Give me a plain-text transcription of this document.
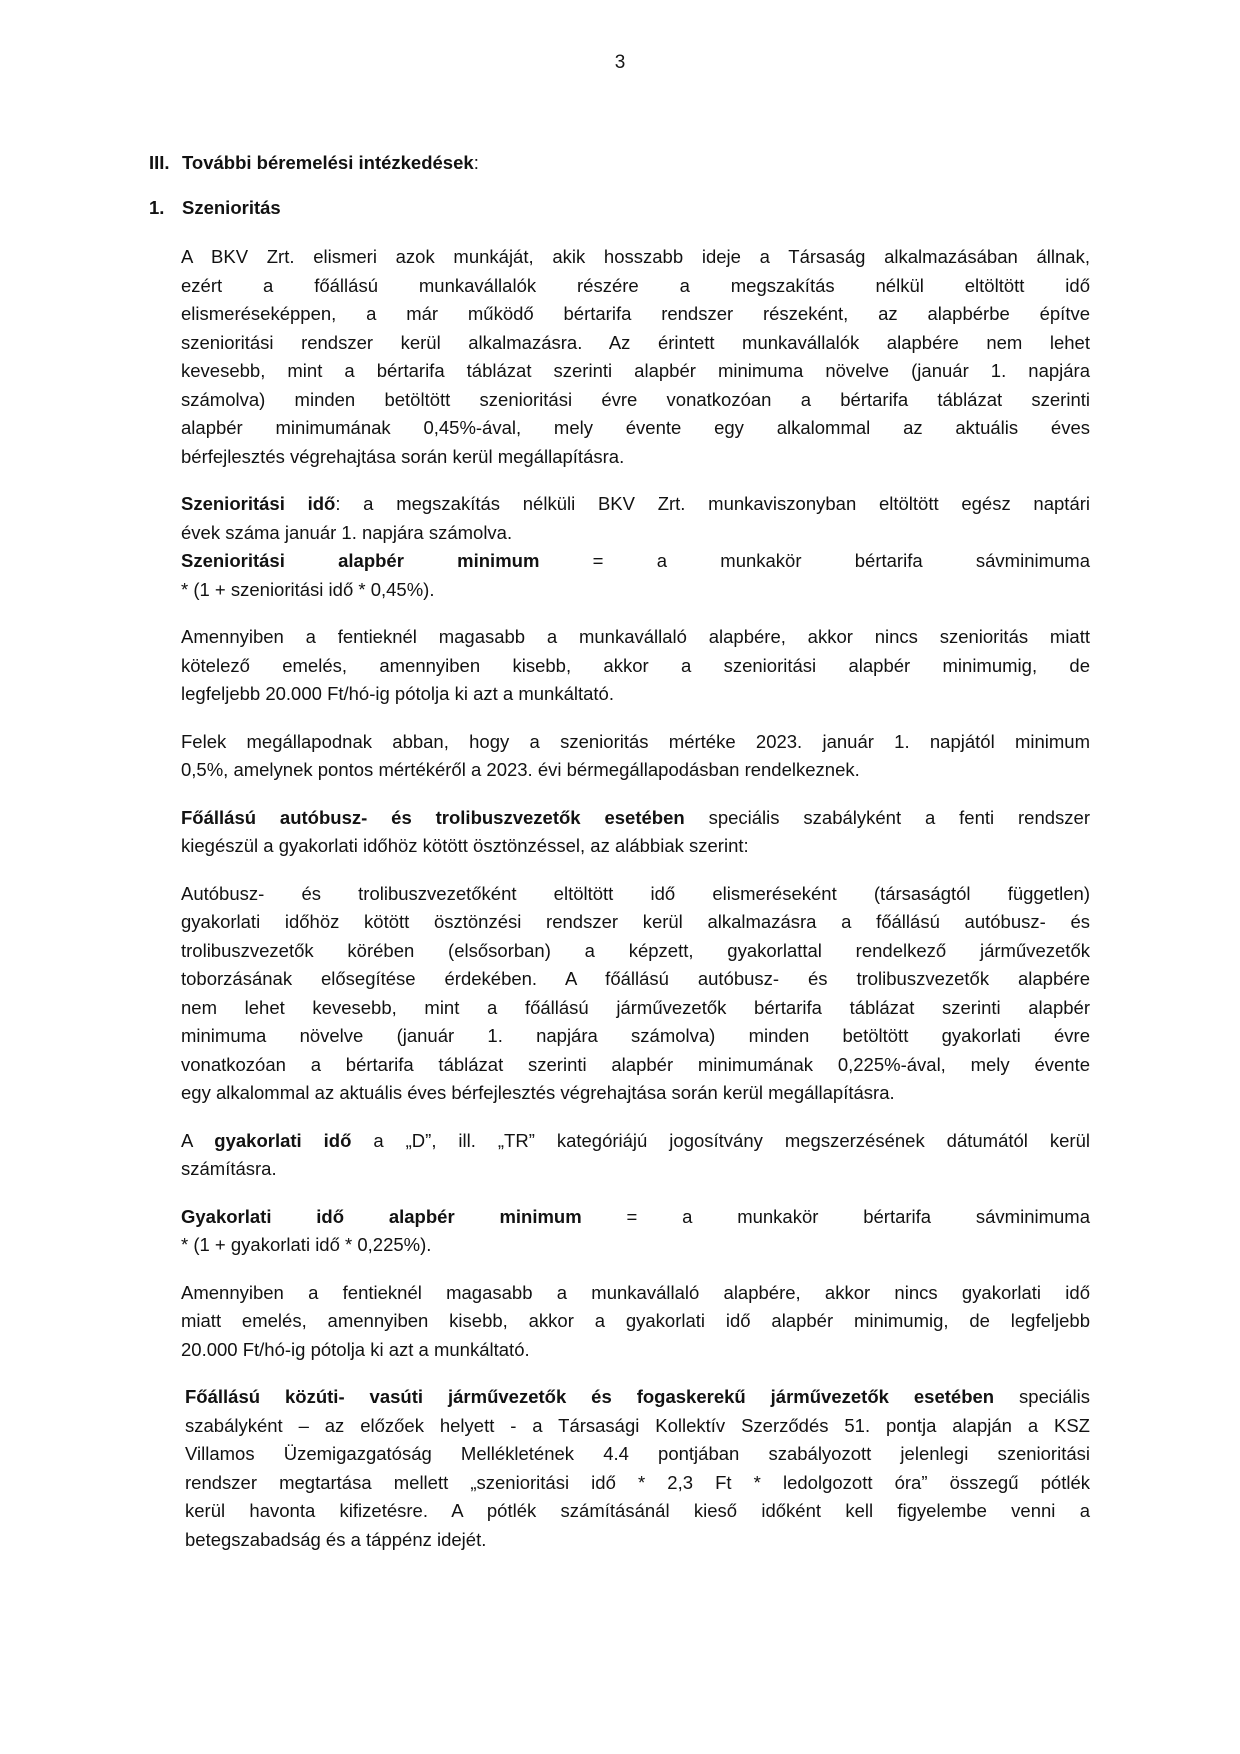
3
III. További béremelési intézkedések:
1. Szenioritás
A BKV Zrt. elismeri azok munkáját, akik hosszabb ideje a Társaság alkalmazásában állnak,
ezért a főállású munkavállalók részére a megszakítás nélkül eltöltött idő
elismeréseképpen, a már működő bértarifa rendszer részeként, az alapbérbe építve
szenioritási rendszer kerül alkalmazásra. Az érintett munkavállalók alapbére nem lehet
kevesebb, mint a bértarifa táblázat szerinti alapbér minimuma növelve (január 1. napjára
számolva) minden betöltött szenioritási évre vonatkozóan a bértarifa táblázat szerinti
alapbér minimumának 0,45%-ával, mely évente egy alkalommal az aktuális éves
bérfejlesztés végrehajtása során kerül megállapításra.
Szenioritási idő: a megszakítás nélküli BKV Zrt. munkaviszonyban eltöltött egész naptári
évek száma január 1. napjára számolva.
Szenioritási alapbér minimum = a munkakör bértarifa sávminimuma
* (1 + szenioritási idő * 0,45%).
Amennyiben a fentieknél magasabb a munkavállaló alapbére, akkor nincs szenioritás miatt
kötelező emelés, amennyiben kisebb, akkor a szenioritási alapbér minimumig, de
legfeljebb 20.000 Ft/hó-ig pótolja ki azt a munkáltató.
Felek megállapodnak abban, hogy a szenioritás mértéke 2023. január 1. napjától minimum
0,5%, amelynek pontos mértékéről a 2023. évi bérmegállapodásban rendelkeznek.
Főállású autóbusz- és trolibuszvezetők esetében speciális szabályként a fenti rendszer
kiegészül a gyakorlati időhöz kötött ösztönzéssel, az alábbiak szerint:
Autóbusz- és trolibuszvezetőként eltöltött idő elismeréseként (társaságtól független)
gyakorlati időhöz kötött ösztönzési rendszer kerül alkalmazásra a főállású autóbusz- és
trolibuszvezetők körében (elsősorban) a képzett, gyakorlattal rendelkező járművezetők
toborzásának elősegítése érdekében. A főállású autóbusz- és trolibuszvezetők alapbére
nem lehet kevesebb, mint a főállású járművezetők bértarifa táblázat szerinti alapbér
minimuma növelve (január 1. napjára számolva) minden betöltött gyakorlati évre
vonatkozóan a bértarifa táblázat szerinti alapbér minimumának 0,225%-ával, mely évente
egy alkalommal az aktuális éves bérfejlesztés végrehajtása során kerül megállapításra.
A gyakorlati idő a „D”, ill. „TR” kategóriájú jogosítvány megszerzésének dátumától kerül
számításra.
Gyakorlati idő alapbér minimum = a munkakör bértarifa sávminimuma
* (1 + gyakorlati idő * 0,225%).
Amennyiben a fentieknél magasabb a munkavállaló alapbére, akkor nincs gyakorlati idő
miatt emelés, amennyiben kisebb, akkor a gyakorlati idő alapbér minimumig, de legfeljebb
20.000 Ft/hó-ig pótolja ki azt a munkáltató.
Főállású közúti- vasúti járművezetők és fogaskerekű járművezetők esetében speciális
szabályként – az előzőek helyett - a Társasági Kollektív Szerződés 51. pontja alapján a KSZ
Villamos Üzemigazgatóság Mellékletének 4.4 pontjában szabályozott jelenlegi szenioritási
rendszer megtartása mellett „szenioritási idő * 2,3 Ft * ledolgozott óra” összegű pótlék
kerül havonta kifizetésre. A pótlék számításánál kieső időként kell figyelembe venni a
betegszabadság és a táppénz idejét.
